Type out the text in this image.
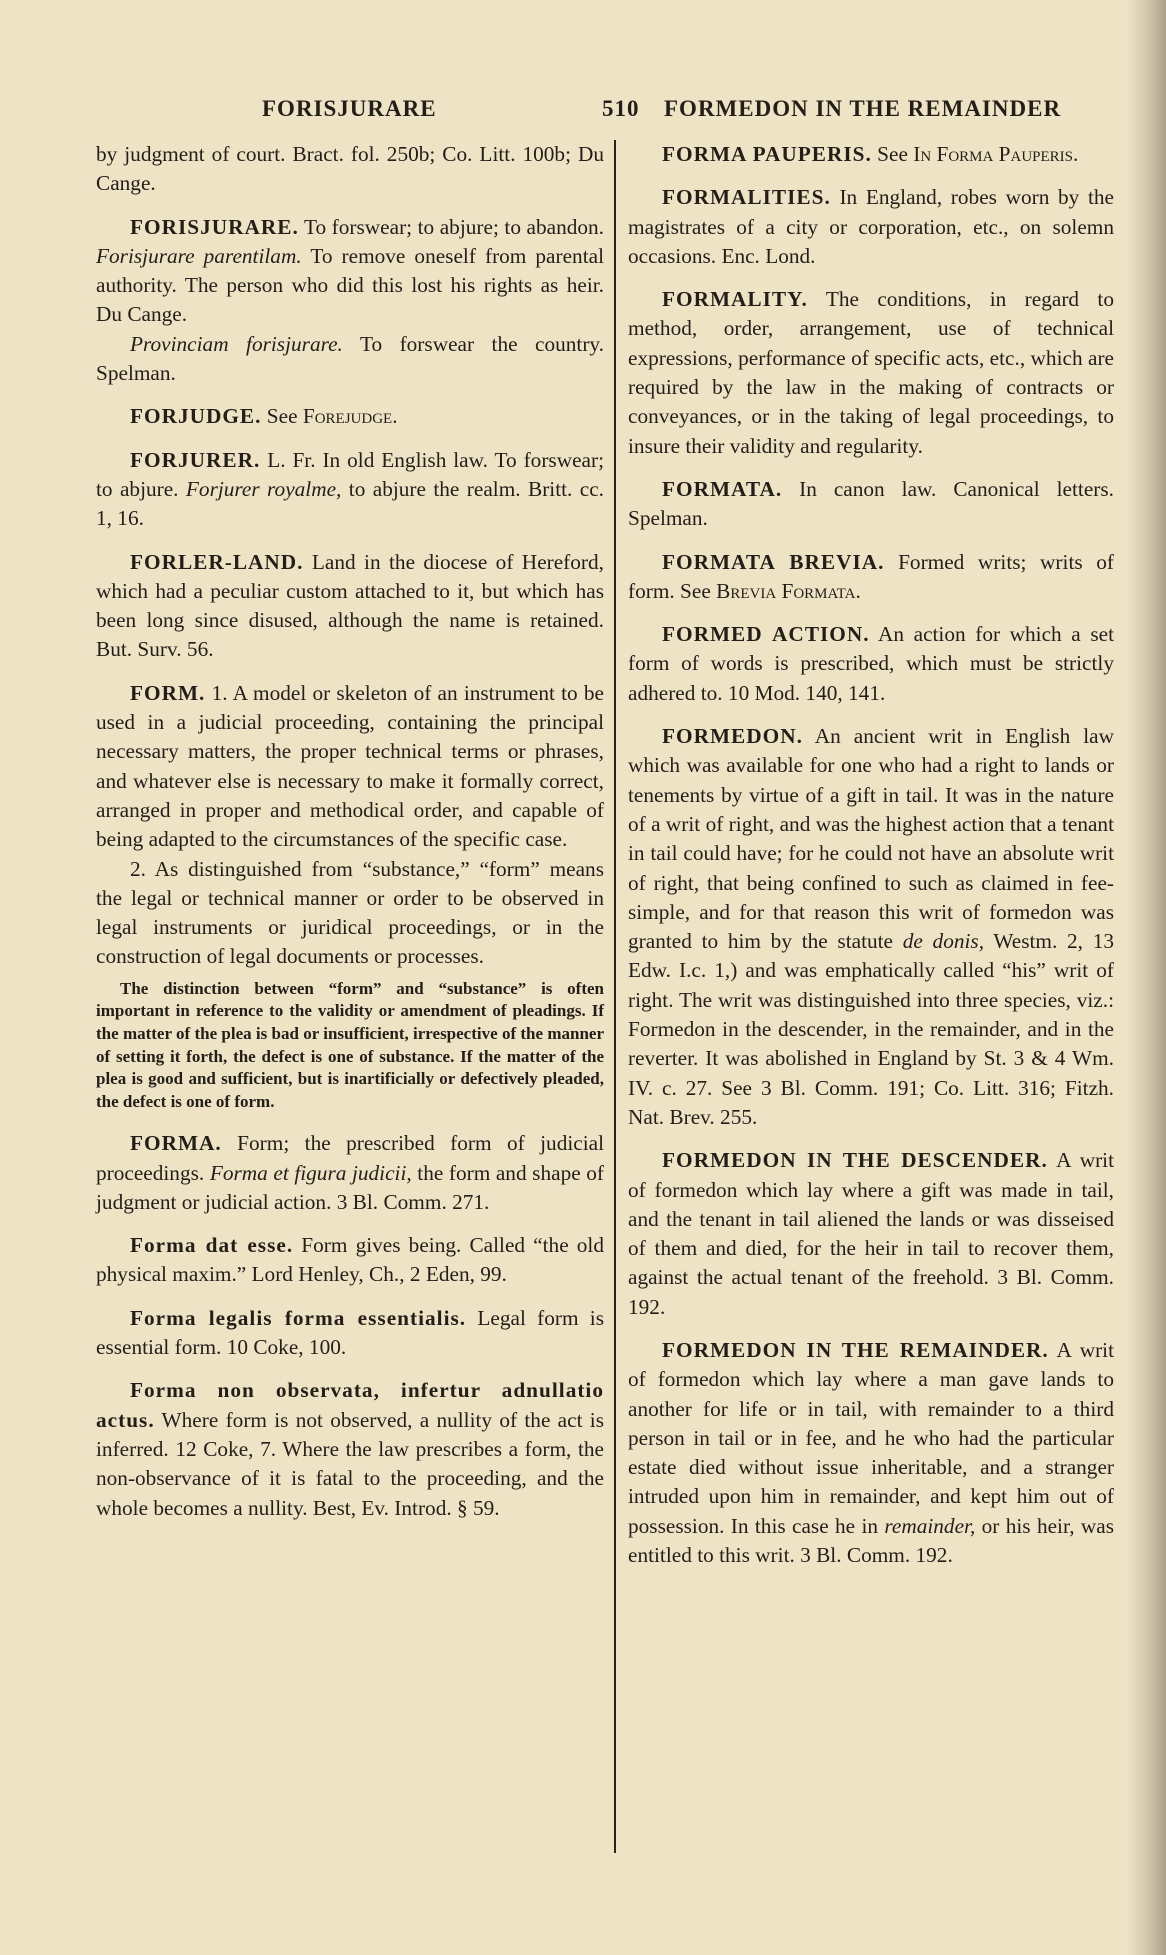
FORISJURARE	510 FORMEDON IN THE REMAINDER

by judgment of court. Bract. fol. 250b; Co. Litt. 100b; Du Cange.

FORISJURARE. To forswear; to abjure; to abandon. Forisjurare parentilam. To remove oneself from parental authority. The person who did this lost his rights as heir. Du Cange.

Provinciam forisjurare. To forswear the country. Spelman.

FORJUDGE. See Forejudge.

FORJURER. L. Fr. In old English law. To forswear; to abjure. Forjurer royalme, to abjure the realm. Britt. cc. 1, 16.

FORLER-LAND. Land in the diocese of Hereford, which had a peculiar custom attached to it, but which has been long since disused, although the name is retained. But. Surv. 56.

FORM. 1. A model or skeleton of an instrument to be used in a judicial proceeding, containing the principal necessary matters, the proper technical terms or phrases, and whatever else is necessary to make it formally correct, arranged in proper and methodical order, and capable of being adapted to the circumstances of the specific case.

2. As distinguished from “substance,” “form” means the legal or technical manner or order to be observed in legal instruments or juridical proceedings, or in the construction of legal documents or processes.

The distinction between “form” and “substance” is often important in reference to the validity or amendment of pleadings. If the matter of the plea is bad or insufficient, irrespective of the manner of setting it forth, the defect is one of substance. If the matter of the plea is good and sufficient, but is inartificially or defectively pleaded, the defect is one of form.

FORMA. Form; the prescribed form of judicial proceedings. Forma et figura judicii, the form and shape of judgment or judicial action. 3 Bl. Comm. 271.

Forma dat esse. Form gives being. Called “the old physical maxim.” Lord Henley, Ch., 2 Eden, 99.

Forma legalis forma essentialis. Legal form is essential form. 10 Coke, 100.

Forma non observata, infertur adnullatio actus. Where form is not observed, a nullity of the act is inferred. 12 Coke, 7. Where the law prescribes a form, the non-observance of it is fatal to the proceeding, and the whole becomes a nullity. Best, Ev. Introd. § 59.

FORMA PAUPERIS. See In Forma Pauperis.

FORMALITIES. In England, robes worn by the magistrates of a city or corporation, etc., on solemn occasions. Enc. Lond.

FORMALITY. The conditions, in regard to method, order, arrangement, use of technical expressions, performance of specific acts, etc., which are required by the law in the making of contracts or conveyances, or in the taking of legal proceedings, to insure their validity and regularity.

FORMATA. In canon law. Canonical letters. Spelman.

FORMATA BREVIA. Formed writs; writs of form. See Brevia Formata.

FORMED ACTION. An action for which a set form of words is prescribed, which must be strictly adhered to. 10 Mod. 140, 141.

FORMEDON. An ancient writ in English law which was available for one who had a right to lands or tenements by virtue of a gift in tail. It was in the nature of a writ of right, and was the highest action that a tenant in tail could have; for he could not have an absolute writ of right, that being confined to such as claimed in fee-simple, and for that reason this writ of formedon was granted to him by the statute de donis, Westm. 2, 13 Edw. I.c. 1,) and was emphatically called “his” writ of right. The writ was distinguished into three species, viz.: Formedon in the descender, in the remainder, and in the reverter. It was abolished in England by St. 3 & 4 Wm. IV. c. 27. See 3 Bl. Comm. 191; Co. Litt. 316; Fitzh. Nat. Brev. 255.

FORMEDON IN THE DESCENDER. A writ of formedon which lay where a gift was made in tail, and the tenant in tail aliened the lands or was disseised of them and died, for the heir in tail to recover them, against the actual tenant of the freehold. 3 Bl. Comm. 192.

FORMEDON IN THE REMAINDER. A writ of formedon which lay where a man gave lands to another for life or in tail, with remainder to a third person in tail or in fee, and he who had the particular estate died without issue inheritable, and a stranger intruded upon him in remainder, and kept him out of possession. In this case he in remainder, or his heir, was entitled to this writ. 3 Bl. Comm. 192.
